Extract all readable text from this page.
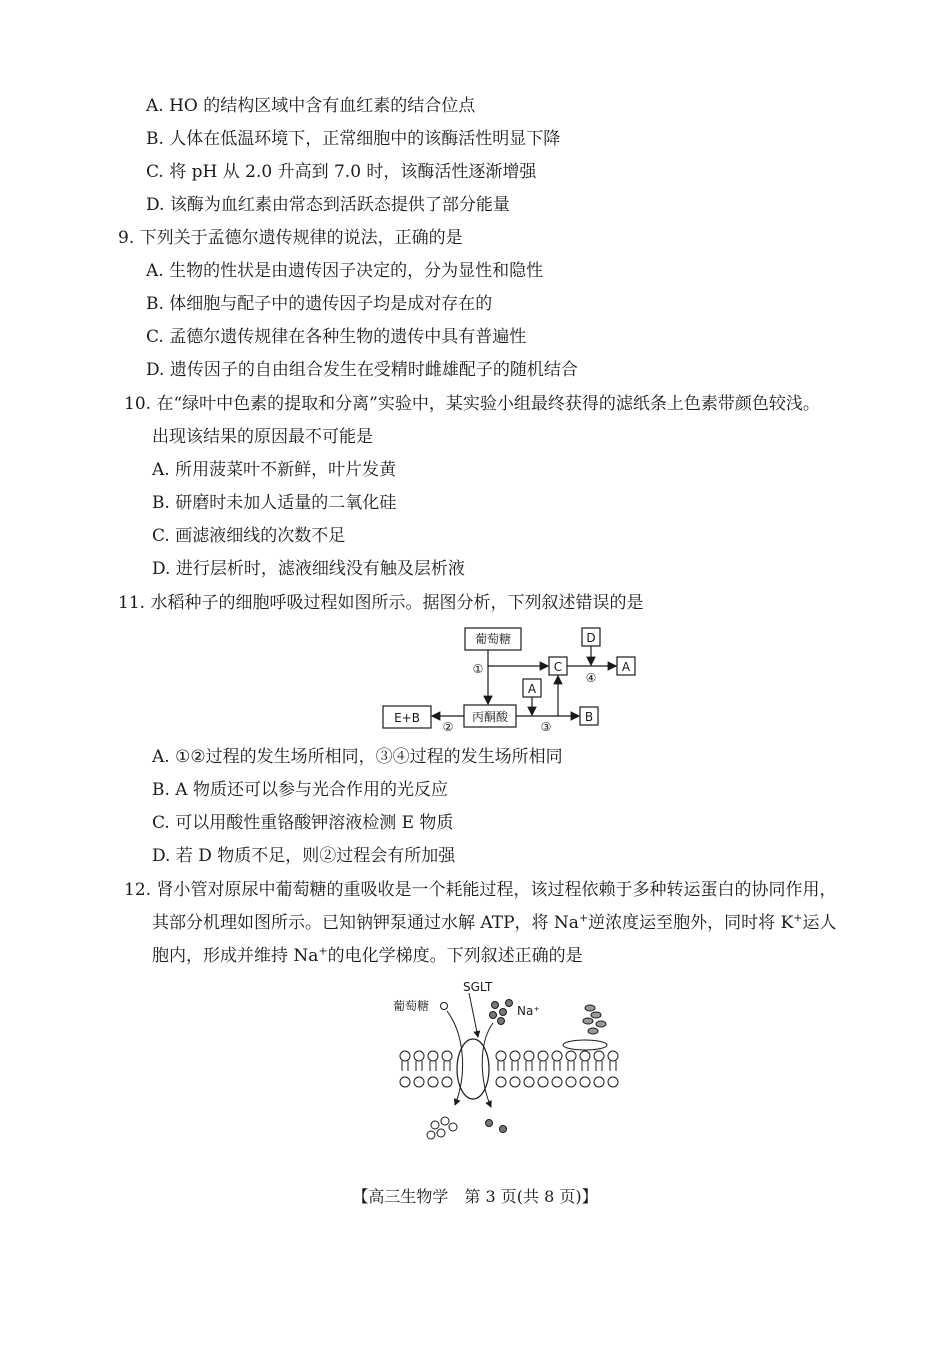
A. HO 的结构区域中含有血红素的结合位点
B. 人体在低温环境下，正常细胞中的该酶活性明显下降
C. 将 pH 从 2.0 升高到 7.0 时，该酶活性逐渐增强
D. 该酶为血红素由常态到活跃态提供了部分能量
9. 下列关于孟德尔遗传规律的说法，正确的是
A. 生物的性状是由遗传因子决定的，分为显性和隐性
B. 体细胞与配子中的遗传因子均是成对存在的
C. 孟德尔遗传规律在各种生物的遗传中具有普遍性
D. 遗传因子的自由组合发生在受精时雌雄配子的随机结合
10. 在“绿叶中色素的提取和分离”实验中，某实验小组最终获得的滤纸条上色素带颜色较浅。
出现该结果的原因最不可能是
A. 所用菠菜叶不新鲜，叶片发黄
B. 研磨时未加人适量的二氧化硅
C. 画滤液细线的次数不足
D. 进行层析时，滤液细线没有触及层析液
11. 水稻种子的细胞呼吸过程如图所示。据图分析，下列叙述错误的是
葡萄糖	D
C	A
A
丙酮酸	B
E+B
①
②	③
④
A. ①②过程的发生场所相同，③④过程的发生场所相同
B. A 物质还可以参与光合作用的光反应
C. 可以用酸性重铬酸钾溶液检测 E 物质
D. 若 D 物质不足，则②过程会有所加强
12. 肾小管对原尿中葡萄糖的重吸收是一个耗能过程，该过程依赖于多种转运蛋白的协同作用，
其部分机理如图所示。已知钠钾泵通过水解 ATP，将 Na+逆浓度运至胞外，同时将 K+运人
胞内，形成并维持 Na+的电化学梯度。下列叙述正确的是
SGLT
葡萄糖	Na⁺
【高三生物学　第 3 页(共 8 页)】
